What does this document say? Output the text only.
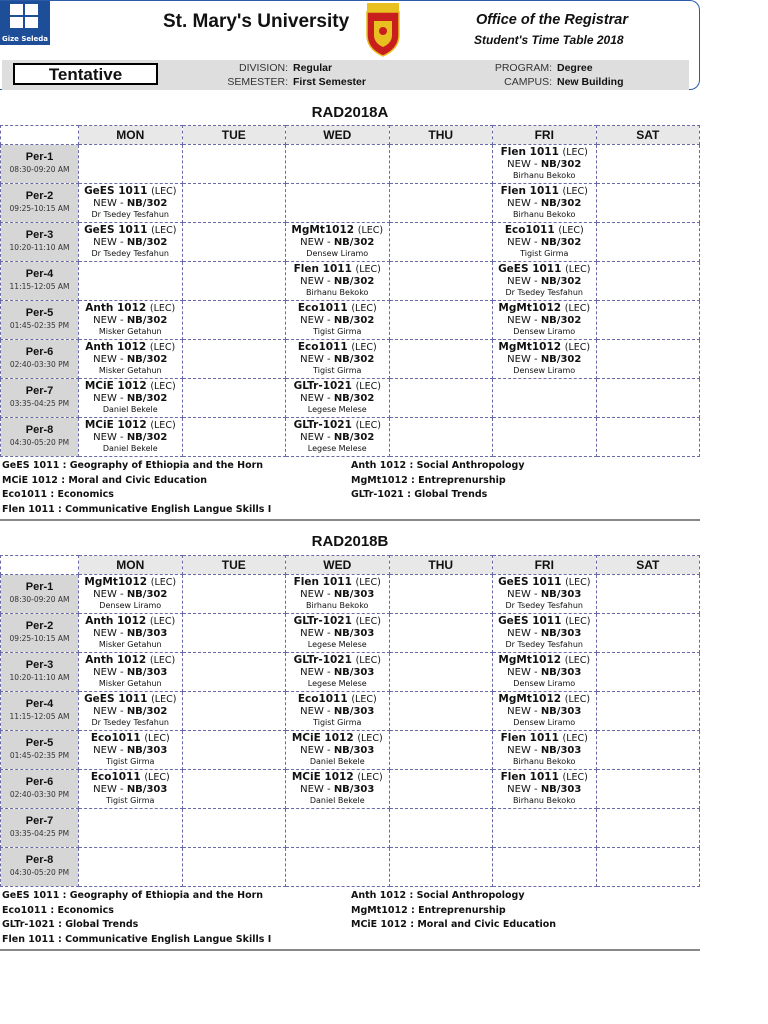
Gize Seleda
St. Mary's University	Office of the Registrar
Student's Time Table 2018
Tentative	DIVISION: Regular
SEMESTER: First Semester
PROGRAM: Degree
CAMPUS: New Building
RAD2018A
	MON	TUE	WED	THU	FRI	SAT

Per-1
08:30-09:20 AM					Flen 1011 (LEC)
NEW - NB/302
Birhanu Bekoko	

Per-2
09:25-10:15 AM	GeES 1011 (LEC)
NEW - NB/302
Dr Tsedey Tesfahun				Flen 1011 (LEC)
NEW - NB/302
Birhanu Bekoko	

Per-3
10:20-11:10 AM	GeES 1011 (LEC)
NEW - NB/302
Dr Tsedey Tesfahun		MgMt1012 (LEC)
NEW - NB/302
Densew Liramo		Eco1011 (LEC)
NEW - NB/302
Tigist Girma	

Per-4
11:15-12:05 AM			Flen 1011 (LEC)
NEW - NB/302
Birhanu Bekoko		GeES 1011 (LEC)
NEW - NB/302
Dr Tsedey Tesfahun	

Per-5
01:45-02:35 PM	Anth 1012 (LEC)
NEW - NB/302
Misker Getahun		Eco1011 (LEC)
NEW - NB/302
Tigist Girma		MgMt1012 (LEC)
NEW - NB/302
Densew Liramo	

Per-6
02:40-03:30 PM	Anth 1012 (LEC)
NEW - NB/302
Misker Getahun		Eco1011 (LEC)
NEW - NB/302
Tigist Girma		MgMt1012 (LEC)
NEW - NB/302
Densew Liramo	

Per-7
03:35-04:25 PM	MCiE 1012 (LEC)
NEW - NB/302
Daniel Bekele		GLTr-1021 (LEC)
NEW - NB/302
Legese Melese			

Per-8
04:30-05:20 PM	MCiE 1012 (LEC)
NEW - NB/302
Daniel Bekele		GLTr-1021 (LEC)
NEW - NB/302
Legese Melese			

GeES 1011 : Geography of Ethiopia and the Horn	Anth 1012 : Social Anthropology
MCiE 1012 : Moral and Civic Education	MgMt1012 : Entreprenurship
Eco1011 : Economics	GLTr-1021 : Global Trends
Flen 1011 : Communicative English Langue Skills I
RAD2018B
	MON	TUE	WED	THU	FRI	SAT

Per-1
08:30-09:20 AM	MgMt1012 (LEC)
NEW - NB/302
Densew Liramo		Flen 1011 (LEC)
NEW - NB/303
Birhanu Bekoko		GeES 1011 (LEC)
NEW - NB/303
Dr Tsedey Tesfahun	

Per-2
09:25-10:15 AM	Anth 1012 (LEC)
NEW - NB/303
Misker Getahun		GLTr-1021 (LEC)
NEW - NB/303
Legese Melese		GeES 1011 (LEC)
NEW - NB/303
Dr Tsedey Tesfahun	

Per-3
10:20-11:10 AM	Anth 1012 (LEC)
NEW - NB/303
Misker Getahun		GLTr-1021 (LEC)
NEW - NB/303
Legese Melese		MgMt1012 (LEC)
NEW - NB/303
Densew Liramo	

Per-4
11:15-12:05 AM	GeES 1011 (LEC)
NEW - NB/302
Dr Tsedey Tesfahun		Eco1011 (LEC)
NEW - NB/303
Tigist Girma		MgMt1012 (LEC)
NEW - NB/303
Densew Liramo	

Per-5
01:45-02:35 PM	Eco1011 (LEC)
NEW - NB/303
Tigist Girma		MCiE 1012 (LEC)
NEW - NB/303
Daniel Bekele		Flen 1011 (LEC)
NEW - NB/303
Birhanu Bekoko	

Per-6
02:40-03:30 PM	Eco1011 (LEC)
NEW - NB/303
Tigist Girma		MCiE 1012 (LEC)
NEW - NB/303
Daniel Bekele		Flen 1011 (LEC)
NEW - NB/303
Birhanu Bekoko	

Per-7
03:35-04:25 PM						

Per-8
04:30-05:20 PM						

GeES 1011 : Geography of Ethiopia and the Horn	Anth 1012 : Social Anthropology
Eco1011 : Economics	MgMt1012 : Entreprenurship
GLTr-1021 : Global Trends	MCiE 1012 : Moral and Civic Education
Flen 1011 : Communicative English Langue Skills I
